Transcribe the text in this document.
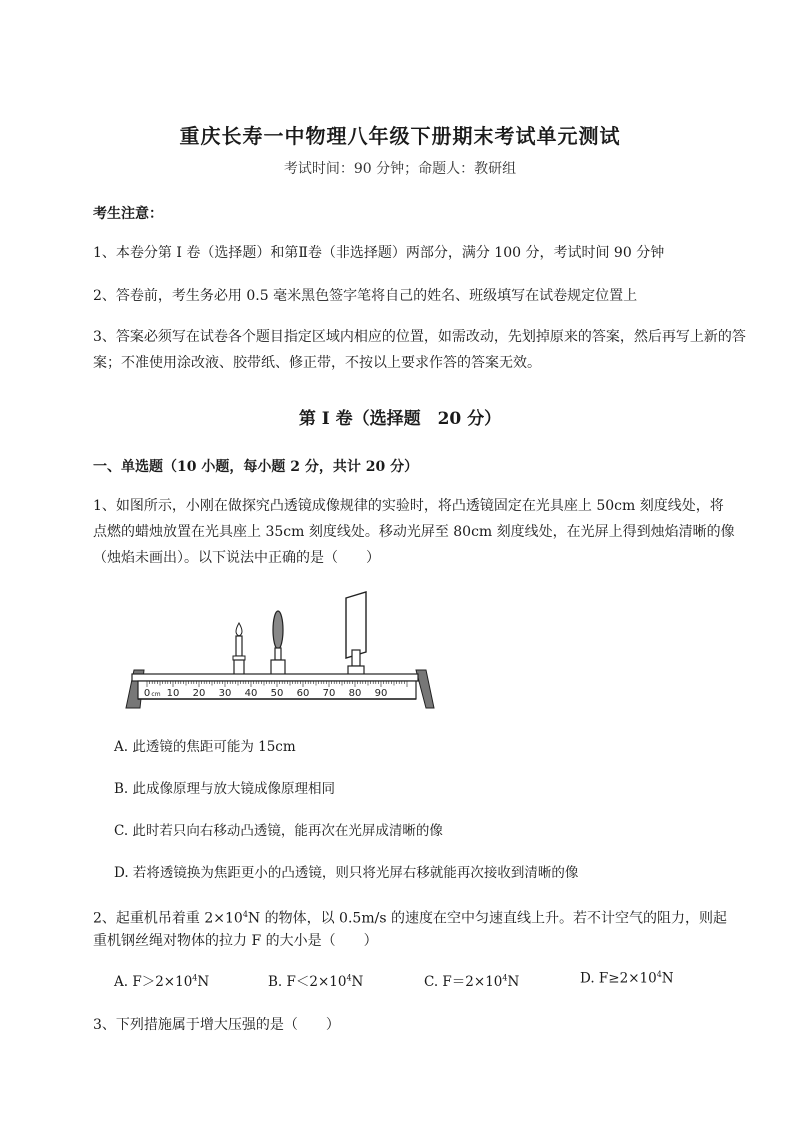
重庆长寿一中物理八年级下册期末考试单元测试
考试时间：90 分钟；命题人：教研组
考生注意：
1、本卷分第 I 卷（选择题）和第Ⅱ卷（非选择题）两部分，满分 100 分，考试时间 90 分钟
2、答卷前，考生务必用 0.5 毫米黑色签字笔将自己的姓名、班级填写在试卷规定位置上
3、答案必须写在试卷各个题目指定区域内相应的位置，如需改动，先划掉原来的答案，然后再写上新的答案；不准使用涂改液、胶带纸、修正带，不按以上要求作答的答案无效。
第 I 卷（选择题　20 分）
一、单选题（10 小题，每小题 2 分，共计 20 分）
1、如图所示，小刚在做探究凸透镜成像规律的实验时，将凸透镜固定在光具座上 50cm 刻度线处，将
点燃的蜡烛放置在光具座上 35cm 刻度线处。移动光屏至 80cm 刻度线处，在光屏上得到烛焰清晰的像
（烛焰未画出）。以下说法中正确的是（　　）
0 cm 10 20 30 40 50 60 70 80 90
A. 此透镜的焦距可能为 15cm
B. 此成像原理与放大镜成像原理相同
C. 此时若只向右移动凸透镜，能再次在光屏成清晰的像
D. 若将透镜换为焦距更小的凸透镜，则只将光屏右移就能再次接收到清晰的像
2、起重机吊着重 $2\times 10^4N$ 的物体，以 0.5m/s 的速度在空中匀速直线上升。若不计空气的阻力，则起
重机钢丝绳对物体的拉力 F 的大小是（　　）
A. $F>2\times 10^4N$	B. $F<2\times 10^4N$	C. $F=2\times 10^4N$	D. $F\ge 2\times 10^4N$
3、下列措施属于增大压强的是（　　）
